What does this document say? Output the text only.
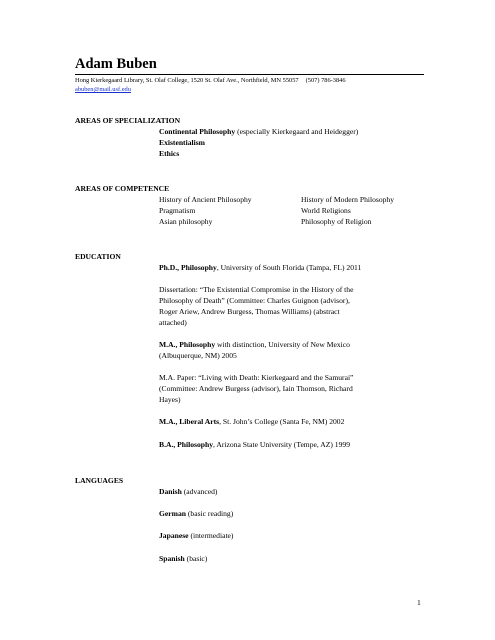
Adam Buben
Hong Kierkegaard Library, St. Olaf College, 1520 St. Olaf Ave., Northfield, MN 55057 (507) 786-3846
abuben@mail.usf.edu
AREAS OF SPECIALIZATION
Continental Philosophy (especially Kierkegaard and Heidegger)
Existentialism
Ethics
AREAS OF COMPETENCE
History of Ancient Philosophy
Pragmatism
Asian philosophy
History of Modern Philosophy
World Religions
Philosophy of Religion
EDUCATION
Ph.D., Philosophy, University of South Florida (Tampa, FL) 2011
Dissertation: “The Existential Compromise in the History of the
Philosophy of Death” (Committee: Charles Guignon (advisor),
Roger Ariew, Andrew Burgess, Thomas Williams) (abstract
attached)
M.A., Philosophy with distinction, University of New Mexico
(Albuquerque, NM) 2005
M.A. Paper: “Living with Death: Kierkegaard and the Samurai”
(Committee: Andrew Burgess (advisor), Iain Thomson, Richard
Hayes)
M.A., Liberal Arts, St. John’s College (Santa Fe, NM) 2002
B.A., Philosophy, Arizona State University (Tempe, AZ) 1999
LANGUAGES
Danish (advanced)
German (basic reading)
Japanese (intermediate)
Spanish (basic)
1
